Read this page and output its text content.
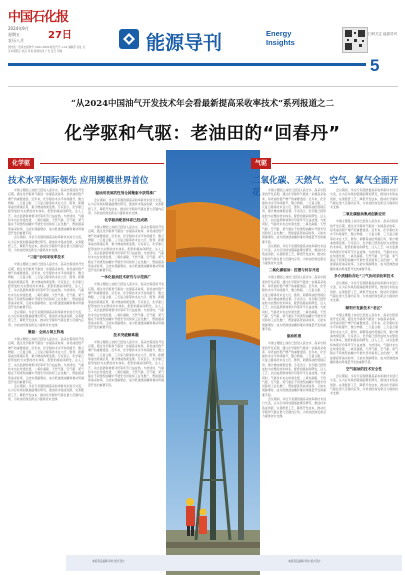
中国石化报
2024年9月
星期五
农历八月	27日
国内统一连续出版物号 CN11-0090 邮发代号 1-24 编辑部 社址 北京市朝阳区 电话 传真 新闻热线 广告 发行 印刷	能源导刊	Energy
Insights
扫码关注 能源导刊
5
“从2024中国油气开发技术年会看最新提高采收率技术”系列报道之二
化学驱和气驱：老油田的“回春丹”
化学驱
技术水平国际领先 应用规模世界首位

中国主要陆上油田已经进入高含水、高采出程度的开发后期，通过化学驱和气驱进一步提高采收率，是老油田稳产增产的重要途径。近年来，化学驱技术水平持续提升，聚合物驱、二元复合驱、三元复合驱等技术在大庆、胜利、新疆等油田规模应用，累计增油效果显著。专家表示，化学驱已经形成较为完整的技术体系，配套的驱油剂研发、注入工艺、动态监测和效果评价等环节日益成熟。与此同时，气驱技术也在快速发展，二氧化碳驱、天然气驱、空气驱、氮气驱在不同类型油藏中开展先导试验和工业化推广，既能提高原油采收率，又能实现碳埋存，成为低渗透油藏和难动用储量开发的重要手段。

会议期间，多位专家围绕提高采收率新技术进行交流，认为应持续加强基础理论研究，推进技术集成创新，完善配套工艺，降低开发成本，推动化学驱和气驱在更大范围内应用，为老油田焕发新活力提供技术支撑。

“三驱”协同采收率技术

中国主要陆上油田已经进入高含水、高采出程度的开发后期，通过化学驱和气驱进一步提高采收率，是老油田稳产增产的重要途径。近年来，化学驱技术水平持续提升，聚合物驱、二元复合驱、三元复合驱等技术在大庆、胜利、新疆等油田规模应用，累计增油效果显著。专家表示，化学驱已经形成较为完整的技术体系，配套的驱油剂研发、注入工艺、动态监测和效果评价等环节日益成熟。与此同时，气驱技术也在快速发展，二氧化碳驱、天然气驱、空气驱、氮气驱在不同类型油藏中开展先导试验和工业化推广，既能提高原油采收率，又能实现碳埋存，成为低渗透油藏和难动用储量开发的重要手段。

会议期间，多位专家围绕提高采收率新技术进行交流，认为应持续加强基础理论研究，推进技术集成创新，完善配套工艺，降低开发成本，推动化学驱和气驱在更大范围内应用，为老油田焕发新活力提供技术支撑。

聚驱：全面占领主阵地

中国主要陆上油田已经进入高含水、高采出程度的开发后期，通过化学驱和气驱进一步提高采收率，是老油田稳产增产的重要途径。近年来，化学驱技术水平持续提升，聚合物驱、二元复合驱、三元复合驱等技术在大庆、胜利、新疆等油田规模应用，累计增油效果显著。专家表示，化学驱已经形成较为完整的技术体系，配套的驱油剂研发、注入工艺、动态监测和效果评价等环节日益成熟。与此同时，气驱技术也在快速发展，二氧化碳驱、天然气驱、空气驱、氮气驱在不同类型油藏中开展先导试验和工业化推广，既能提高原油采收率，又能实现碳埋存，成为低渗透油藏和难动用储量开发的重要手段。

会议期间，多位专家围绕提高采收率新技术进行交流，认为应持续加强基础理论研究，推进技术集成创新，完善配套工艺，降低开发成本，推动化学驱和气驱在更大范围内应用，为老油田焕发新活力提供技术支撑。

驱油用表面活性剂全国聚驱中获得推广

会议期间，多位专家围绕提高采收率新技术进行交流，认为应持续加强基础理论研究，推进技术集成创新，完善配套工艺，降低开发成本，推动化学驱和气驱在更大范围内应用，为老油田焕发新活力提供技术支撑。

化学驱油配套体系已经成熟

中国主要陆上油田已经进入高含水、高采出程度的开发后期，通过化学驱和气驱进一步提高采收率，是老油田稳产增产的重要途径。近年来，化学驱技术水平持续提升，聚合物驱、二元复合驱、三元复合驱等技术在大庆、胜利、新疆等油田规模应用，累计增油效果显著。专家表示，化学驱已经形成较为完整的技术体系，配套的驱油剂研发、注入工艺、动态监测和效果评价等环节日益成熟。与此同时，气驱技术也在快速发展，二氧化碳驱、天然气驱、空气驱、氮气驱在不同类型油藏中开展先导试验和工业化推广，既能提高原油采收率，又能实现碳埋存，成为低渗透油藏和难动用储量开发的重要手段。

一体化驱油技术研究与示范推广

中国主要陆上油田已经进入高含水、高采出程度的开发后期，通过化学驱和气驱进一步提高采收率，是老油田稳产增产的重要途径。近年来，化学驱技术水平持续提升，聚合物驱、二元复合驱、三元复合驱等技术在大庆、胜利、新疆等油田规模应用，累计增油效果显著。专家表示，化学驱已经形成较为完整的技术体系，配套的驱油剂研发、注入工艺、动态监测和效果评价等环节日益成熟。与此同时，气驱技术也在快速发展，二氧化碳驱、天然气驱、空气驱、氮气驱在不同类型油藏中开展先导试验和工业化推广，既能提高原油采收率，又能实现碳埋存，成为低渗透油藏和难动用储量开发的重要手段。

技术突破解难题

中国主要陆上油田已经进入高含水、高采出程度的开发后期，通过化学驱和气驱进一步提高采收率，是老油田稳产增产的重要途径。近年来，化学驱技术水平持续提升，聚合物驱、二元复合驱、三元复合驱等技术在大庆、胜利、新疆等油田规模应用，累计增油效果显著。专家表示，化学驱已经形成较为完整的技术体系，配套的驱油剂研发、注入工艺、动态监测和效果评价等环节日益成熟。与此同时，气驱技术也在快速发展，二氧化碳驱、天然气驱、空气驱、氮气驱在不同类型油藏中开展先导试验和工业化推广，既能提高原油采收率，又能实现碳埋存，成为低渗透油藏和难动用储量开发的重要手段。

气驱
二氧化碳、天然气、空气、氮气全面开花	中国主要陆上油田已经进入高含水、高采出程度的开发后期，通过化学驱和气驱进一步提高采收率，是老油田稳产增产的重要途径。近年来，化学驱技术水平持续提升，聚合物驱、二元复合驱、三元复合驱等技术在大庆、胜利、新疆等油田规模应用，累计增油效果显著。专家表示，化学驱已经形成较为完整的技术体系，配套的驱油剂研发、注入工艺、动态监测和效果评价等环节日益成熟。与此同时，气驱技术也在快速发展，二氧化碳驱、天然气驱、空气驱、氮气驱在不同类型油藏中开展先导试验和工业化推广，既能提高原油采收率，又能实现碳埋存，成为低渗透油藏和难动用储量开发的重要手段。

会议期间，多位专家围绕提高采收率新技术进行交流，认为应持续加强基础理论研究，推进技术集成创新，完善配套工艺，降低开发成本，推动化学驱和气驱在更大范围内应用，为老油田焕发新活力提供技术支撑。

二氧化碳驱油：挖潜与封存并进

中国主要陆上油田已经进入高含水、高采出程度的开发后期，通过化学驱和气驱进一步提高采收率，是老油田稳产增产的重要途径。近年来，化学驱技术水平持续提升，聚合物驱、二元复合驱、三元复合驱等技术在大庆、胜利、新疆等油田规模应用，累计增油效果显著。专家表示，化学驱已经形成较为完整的技术体系，配套的驱油剂研发、注入工艺、动态监测和效果评价等环节日益成熟。与此同时，气驱技术也在快速发展，二氧化碳驱、天然气驱、空气驱、氮气驱在不同类型油藏中开展先导试验和工业化推广，既能提高原油采收率，又能实现碳埋存，成为低渗透油藏和难动用储量开发的重要手段。

驱油机理

中国主要陆上油田已经进入高含水、高采出程度的开发后期，通过化学驱和气驱进一步提高采收率，是老油田稳产增产的重要途径。近年来，化学驱技术水平持续提升，聚合物驱、二元复合驱、三元复合驱等技术在大庆、胜利、新疆等油田规模应用，累计增油效果显著。专家表示，化学驱已经形成较为完整的技术体系，配套的驱油剂研发、注入工艺、动态监测和效果评价等环节日益成熟。与此同时，气驱技术也在快速发展，二氧化碳驱、天然气驱、空气驱、氮气驱在不同类型油藏中开展先导试验和工业化推广，既能提高原油采收率，又能实现碳埋存，成为低渗透油藏和难动用储量开发的重要手段。

会议期间，多位专家围绕提高采收率新技术进行交流，认为应持续加强基础理论研究，推进技术集成创新，完善配套工艺，降低开发成本，推动化学驱和气驱在更大范围内应用，为老油田焕发新活力提供技术支撑。

会议期间，多位专家围绕提高采收率新技术进行交流，认为应持续加强基础理论研究，推进技术集成创新，完善配套工艺，降低开发成本，推动化学驱和气驱在更大范围内应用，为老油田焕发新活力提供技术支撑。

二氧化碳驱油集成创新应用

中国主要陆上油田已经进入高含水、高采出程度的开发后期，通过化学驱和气驱进一步提高采收率，是老油田稳产增产的重要途径。近年来，化学驱技术水平持续提升，聚合物驱、二元复合驱、三元复合驱等技术在大庆、胜利、新疆等油田规模应用，累计增油效果显著。专家表示，化学驱已经形成较为完整的技术体系，配套的驱油剂研发、注入工艺、动态监测和效果评价等环节日益成熟。与此同时，气驱技术也在快速发展，二氧化碳驱、天然气驱、空气驱、氮气驱在不同类型油藏中开展先导试验和工业化推广，既能提高原油采收率，又能实现碳埋存，成为低渗透油藏和难动用储量开发的重要手段。

多介质辅助吞吐“三气协同采收率技术

会议期间，多位专家围绕提高采收率新技术进行交流，认为应持续加强基础理论研究，推进技术集成创新，完善配套工艺，降低开发成本，推动化学驱和气驱在更大范围内应用，为老油田焕发新活力提供技术支撑。

顺利开发新技术“老区”

中国主要陆上油田已经进入高含水、高采出程度的开发后期，通过化学驱和气驱进一步提高采收率，是老油田稳产增产的重要途径。近年来，化学驱技术水平持续提升，聚合物驱、二元复合驱、三元复合驱等技术在大庆、胜利、新疆等油田规模应用，累计增油效果显著。专家表示，化学驱已经形成较为完整的技术体系，配套的驱油剂研发、注入工艺、动态监测和效果评价等环节日益成熟。与此同时，气驱技术也在快速发展，二氧化碳驱、天然气驱、空气驱、氮气驱在不同类型油藏中开展先导试验和工业化推广，既能提高原油采收率，又能实现碳埋存，成为低渗透油藏和难动用储量开发的重要手段。

空气驱油的技术安全性

会议期间，多位专家围绕提高采收率新技术进行交流，认为应持续加强基础理论研究，推进技术集成创新，完善配套工艺，降低开发成本，推动化学驱和气驱在更大范围内应用，为老油田焕发新活力提供技术支撑。

本版责任编辑 审校 版式设计	本版责任编辑 审校 版式设计
